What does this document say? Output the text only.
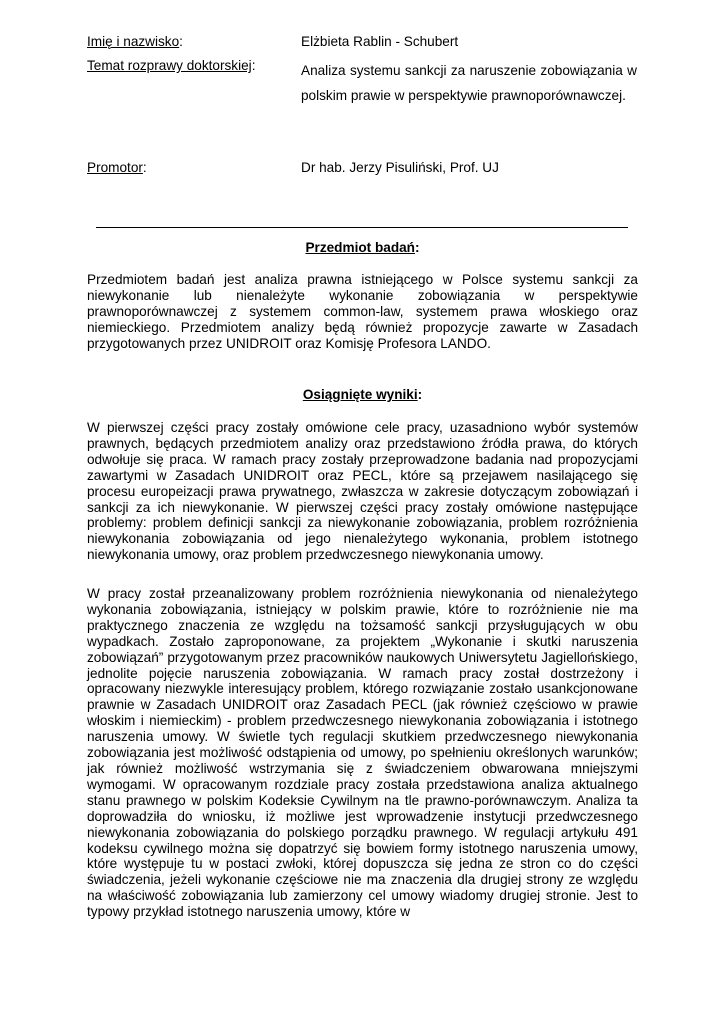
Imię i nazwisko:	Elżbieta Rablin - Schubert
Temat rozprawy doktorskiej:	Analiza systemu sankcji za naruszenie zobowiązania w polskim prawie w perspektywie prawnoporównawczej.
Promotor:	Dr hab. Jerzy Pisuliński, Prof. UJ
Przedmiot badań:

Przedmiotem badań jest analiza prawna istniejącego w Polsce systemu sankcji za niewykonanie lub nienależyte wykonanie zobowiązania w perspektywie prawnoporównawczej z systemem common-law, systemem prawa włoskiego oraz niemieckiego. Przedmiotem analizy będą również propozycje zawarte w Zasadach przygotowanych przez UNIDROIT oraz Komisję Profesora LANDO.

Osiągnięte wyniki:

W pierwszej części pracy zostały omówione cele pracy, uzasadniono wybór systemów prawnych, będących przedmiotem analizy oraz przedstawiono źródła prawa, do których odwołuje się praca. W ramach pracy zostały przeprowadzone badania nad propozycjami zawartymi w Zasadach UNIDROIT oraz PECL, które są przejawem nasilającego się procesu europeizacji prawa prywatnego, zwłaszcza w zakresie dotyczącym zobowiązań i sankcji za ich niewykonanie. W pierwszej części pracy zostały omówione następujące problemy: problem definicji sankcji za niewykonanie zobowiązania, problem rozróżnienia niewykonania zobowiązania od jego nienależytego wykonania, problem istotnego niewykonania umowy, oraz problem przedwczesnego niewykonania umowy.

W pracy został przeanalizowany problem rozróżnienia niewykonania od nienależytego wykonania zobowiązania, istniejący w polskim prawie, które to rozróżnienie nie ma praktycznego znaczenia ze względu na tożsamość sankcji przysługujących w obu wypadkach. Zostało zaproponowane, za projektem „Wykonanie i skutki naruszenia zobowiązań” przygotowanym przez pracowników naukowych Uniwersytetu Jagiellońskiego, jednolite pojęcie naruszenia zobowiązania. W ramach pracy został dostrzeżony i opracowany niezwykle interesujący problem, którego rozwiązanie zostało usankcjonowane prawnie w Zasadach UNIDROIT oraz Zasadach PECL (jak również częściowo w prawie włoskim i niemieckim) - problem przedwczesnego niewykonania zobowiązania i istotnego naruszenia umowy. W świetle tych regulacji skutkiem przedwczesnego niewykonania zobowiązania jest możliwość odstąpienia od umowy, po spełnieniu określonych warunków; jak również możliwość wstrzymania się z świadczeniem obwarowana mniejszymi wymogami. W opracowanym rozdziale pracy została przedstawiona analiza aktualnego stanu prawnego w polskim Kodeksie Cywilnym na tle prawno-porównawczym. Analiza ta doprowadziła do wniosku, iż możliwe jest wprowadzenie instytucji przedwczesnego niewykonania zobowiązania do polskiego porządku prawnego. W regulacji artykułu 491 kodeksu cywilnego można się dopatrzyć się bowiem formy istotnego naruszenia umowy, które występuje tu w postaci zwłoki, której dopuszcza się jedna ze stron co do części świadczenia, jeżeli wykonanie częściowe nie ma znaczenia dla drugiej strony ze względu na właściwość zobowiązania lub zamierzony cel umowy wiadomy drugiej stronie. Jest to typowy przykład istotnego naruszenia umowy, które w
